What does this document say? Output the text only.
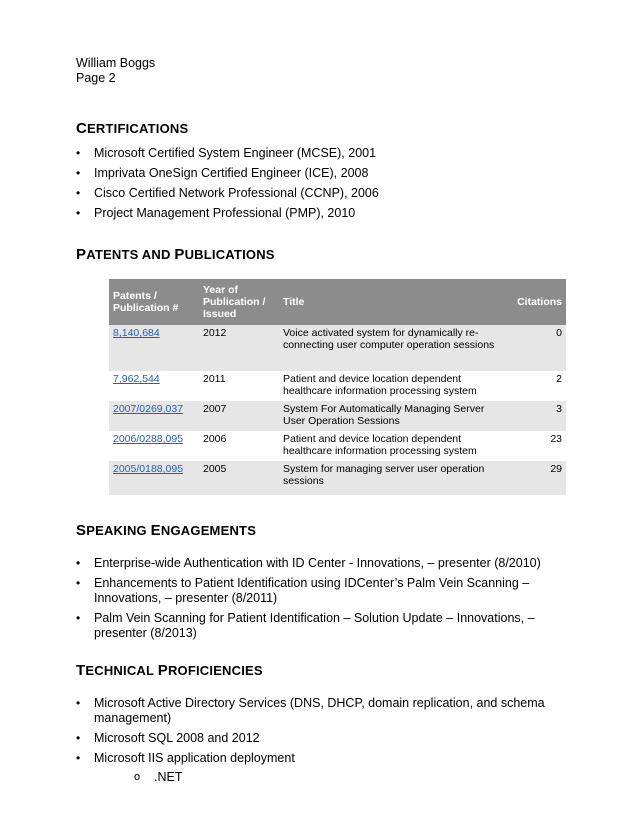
William Boggs
Page 2
CERTIFICATIONS
• Microsoft Certified System Engineer (MCSE), 2001
• Imprivata OneSign Certified Engineer (ICE), 2008
• Cisco Certified Network Professional (CCNP), 2006
• Project Management Professional (PMP), 2010
PATENTS AND PUBLICATIONS
Patents / Publication #	Year of Publication / Issued	Title	Citations
8,140,684	2012	Voice activated system for dynamically re-connecting user computer operation sessions	0
7,962,544	2011	Patient and device location dependent healthcare information processing system	2
2007/0269,037	2007	System For Automatically Managing Server User Operation Sessions	3
2006/0288,095	2006	Patient and device location dependent healthcare information processing system	23
2005/0188,095	2005	System for managing server user operation sessions	29
SPEAKING ENGAGEMENTS
• Enterprise-wide Authentication with ID Center - Innovations, – presenter (8/2010)
• Enhancements to Patient Identification using IDCenter’s Palm Vein Scanning – Innovations, – presenter (8/2011)
• Palm Vein Scanning for Patient Identification – Solution Update – Innovations, – presenter (8/2013)
TECHNICAL PROFICIENCIES
• Microsoft Active Directory Services (DNS, DHCP, domain replication, and schema management)
• Microsoft SQL 2008 and 2012
• Microsoft IIS application deployment
o .NET
